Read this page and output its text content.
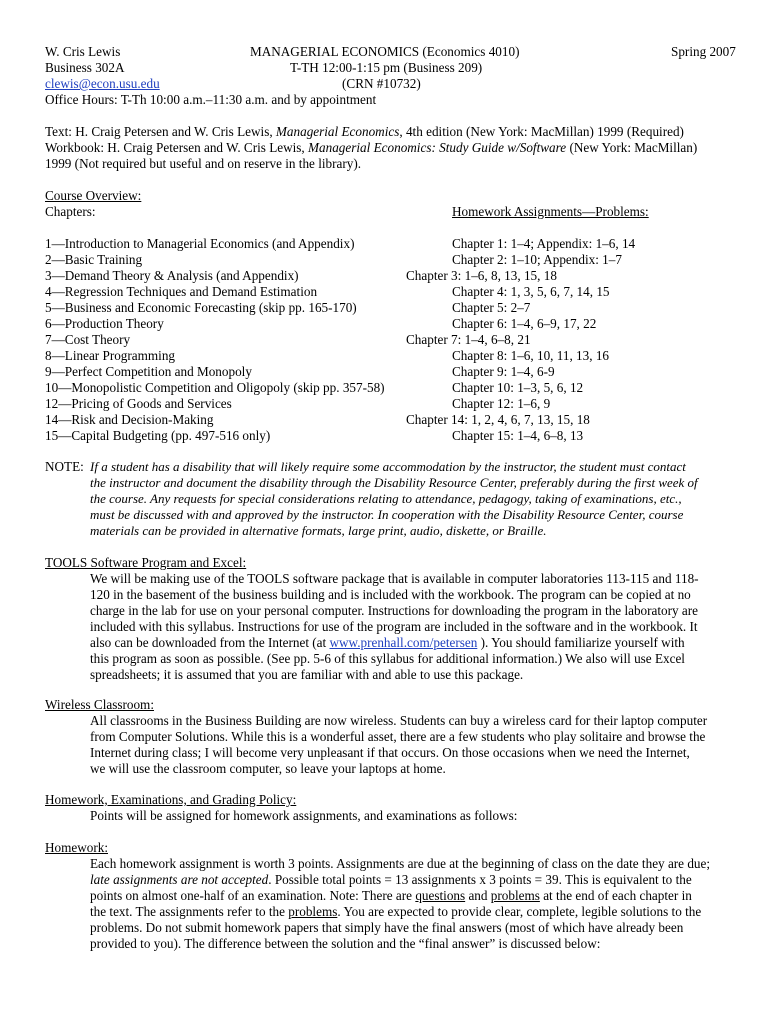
W. Cris Lewis
Business 302A
clewis@econ.usu.edu
Office Hours: T-Th 10:00 a.m.–11:30 a.m. and by appointment
MANAGERIAL ECONOMICS (Economics 4010)
T-TH 12:00-1:15 pm (Business 209)
(CRN #10732)
Spring 2007
Text: H. Craig Petersen and W. Cris Lewis, Managerial Economics, 4th edition (New York: MacMillan) 1999 (Required)
Workbook: H. Craig Petersen and W. Cris Lewis, Managerial Economics: Study Guide w/Software (New York: MacMillan)
1999 (Not required but useful and on reserve in the library).
Course Overview:
Chapters:	Homework Assignments—Problems:
1—Introduction to Managerial Economics (and Appendix)
2—Basic Training
3—Demand Theory & Analysis (and Appendix)
4—Regression Techniques and Demand Estimation
5—Business and Economic Forecasting (skip pp. 165-170)
6—Production Theory
7—Cost Theory
8—Linear Programming
9—Perfect Competition and Monopoly
10—Monopolistic Competition and Oligopoly (skip pp. 357-58)
12—Pricing of Goods and Services
14—Risk and Decision-Making
15—Capital Budgeting (pp. 497-516 only)
Chapter 1: 1–4; Appendix: 1–6, 14
Chapter 2: 1–10; Appendix: 1–7
Chapter 3: 1–6, 8, 13, 15, 18
Chapter 4: 1, 3, 5, 6, 7, 14, 15
Chapter 5: 2–7
Chapter 6: 1–4, 6–9, 17, 22
Chapter 7: 1–4, 6–8, 21
Chapter 8: 1–6, 10, 11, 13, 16
Chapter 9: 1–4, 6-9
Chapter 10: 1–3, 5, 6, 12
Chapter 12: 1–6, 9
Chapter 14: 1, 2, 4, 6, 7, 13, 15, 18
Chapter 15: 1–4, 6–8, 13
NOTE: If a student has a disability that will likely require some accommodation by the instructor, the student must contact
the instructor and document the disability through the Disability Resource Center, preferably during the first week of
the course. Any requests for special considerations relating to attendance, pedagogy, taking of examinations, etc.,
must be discussed with and approved by the instructor. In cooperation with the Disability Resource Center, course
materials can be provided in alternative formats, large print, audio, diskette, or Braille.
TOOLS Software Program and Excel:
We will be making use of the TOOLS software package that is available in computer laboratories 113-115 and 118-
120 in the basement of the business building and is included with the workbook. The program can be copied at no
charge in the lab for use on your personal computer. Instructions for downloading the program in the laboratory are
included with this syllabus. Instructions for use of the program are included in the software and in the workbook. It
also can be downloaded from the Internet (at www.prenhall.com/petersen ). You should familiarize yourself with
this program as soon as possible. (See pp. 5-6 of this syllabus for additional information.) We also will use Excel
spreadsheets; it is assumed that you are familiar with and able to use this package.
Wireless Classroom:
All classrooms in the Business Building are now wireless. Students can buy a wireless card for their laptop computer
from Computer Solutions. While this is a wonderful asset, there are a few students who play solitaire and browse the
Internet during class; I will become very unpleasant if that occurs. On those occasions when we need the Internet,
we will use the classroom computer, so leave your laptops at home.
Homework, Examinations, and Grading Policy:
Points will be assigned for homework assignments, and examinations as follows:
Homework:
Each homework assignment is worth 3 points. Assignments are due at the beginning of class on the date they are due;
late assignments are not accepted. Possible total points = 13 assignments x 3 points = 39. This is equivalent to the
points on almost one-half of an examination. Note: There are questions and problems at the end of each chapter in
the text. The assignments refer to the problems. You are expected to provide clear, complete, legible solutions to the
problems. Do not submit homework papers that simply have the final answers (most of which have already been
provided to you). The difference between the solution and the “final answer” is discussed below:
